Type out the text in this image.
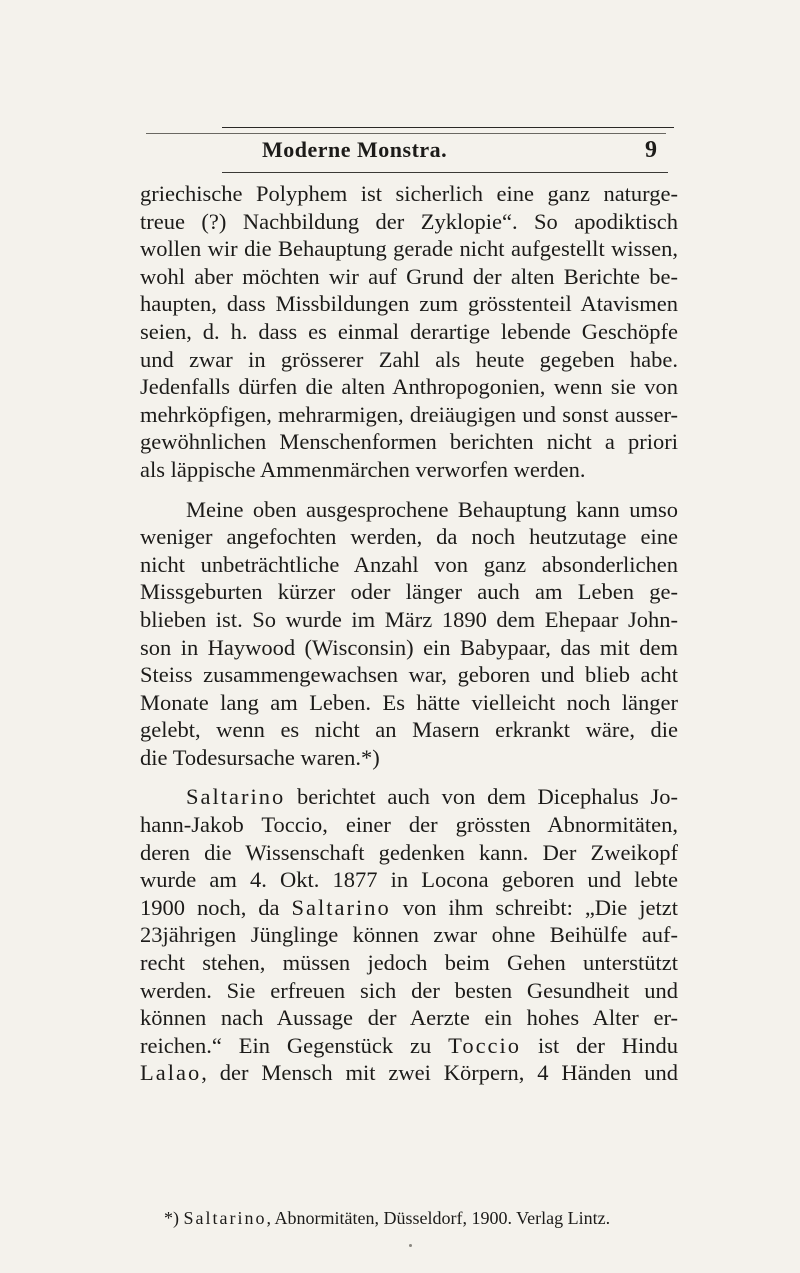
Moderne Monstra.	9

griechische Polyphem ist sicherlich eine ganz naturge-
treue (?) Nachbildung der Zyklopie“. So apodiktisch
wollen wir die Behauptung gerade nicht aufgestellt wissen,
wohl aber möchten wir auf Grund der alten Berichte be-
haupten, dass Missbildungen zum grösstenteil Atavismen
seien, d. h. dass es einmal derartige lebende Geschöpfe
und zwar in grösserer Zahl als heute gegeben habe.
Jedenfalls dürfen die alten Anthropogonien, wenn sie von
mehrköpfigen, mehrarmigen, dreiäugigen und sonst ausser-
gewöhnlichen Menschenformen berichten nicht a priori
als läppische Ammenmärchen verworfen werden.

Meine oben ausgesprochene Behauptung kann umso
weniger angefochten werden, da noch heutzutage eine
nicht unbeträchtliche Anzahl von ganz absonderlichen
Missgeburten kürzer oder länger auch am Leben ge-
blieben ist. So wurde im März 1890 dem Ehepaar John-
son in Haywood (Wisconsin) ein Babypaar, das mit dem
Steiss zusammengewachsen war, geboren und blieb acht
Monate lang am Leben. Es hätte vielleicht noch länger
gelebt, wenn es nicht an Masern erkrankt wäre, die
die Todesursache waren.*)

Saltarino berichtet auch von dem Dicephalus Jo-
hann-Jakob Toccio, einer der grössten Abnormitäten,
deren die Wissenschaft gedenken kann. Der Zweikopf
wurde am 4. Okt. 1877 in Locona geboren und lebte
1900 noch, da Saltarino von ihm schreibt: „Die jetzt
23jährigen Jünglinge können zwar ohne Beihülfe auf-
recht stehen, müssen jedoch beim Gehen unterstützt
werden. Sie erfreuen sich der besten Gesundheit und
können nach Aussage der Aerzte ein hohes Alter er-
reichen.“ Ein Gegenstück zu Toccio ist der Hindu
Lalao, der Mensch mit zwei Körpern, 4 Händen und

*) Saltarino, Abnormitäten, Düsseldorf, 1900. Verlag Lintz.
